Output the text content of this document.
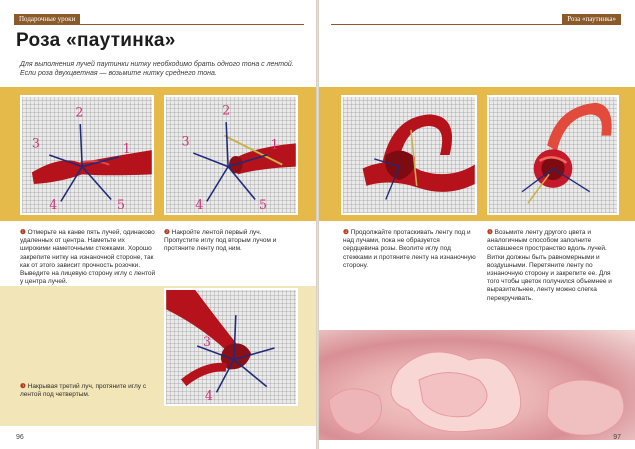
Подарочные уроки
Роза «паутинка»
Для выполнения лучей паутинки нитку необходимо брать одного тона с лентой. Если роза двухцветная — возьмите нитку среднего тона.
2
3	1
4	5
2
3	1
4	5
❶ Отмерьте на канве пять лучей, одинаково удаленных от центра. Наметьте их широкими наметочными стежками. Хорошо закрепите нитку на изнаночной стороне, так как от этого зависит прочность розочки. Выведите на лицевую сторону иглу с лентой у центра лучей.
❷ Накройте лентой первый луч. Пропустите иглу под вторым лучом и протяните ленту под ним.
3
4
❸ Накрывая третий луч, протяните иглу с лентой под четвертым.
96
Роза «паутинка»
❹ Продолжайте протаскивать ленту под и над лучами, пока не образуется сердцевина розы. Вколите иглу под стежками и протяните ленту на изнаночную сторону.
❺ Возьмите ленту другого цвета и аналогичным способом заполните оставшееся пространство вдоль лучей. Витки должны быть равномерными и воздушными. Перетяните ленту по изнаночную сторону и закрепите ее. Для того чтобы цветок получился объемнее и выразительнее, ленту можно слегка перекручивать.
97
